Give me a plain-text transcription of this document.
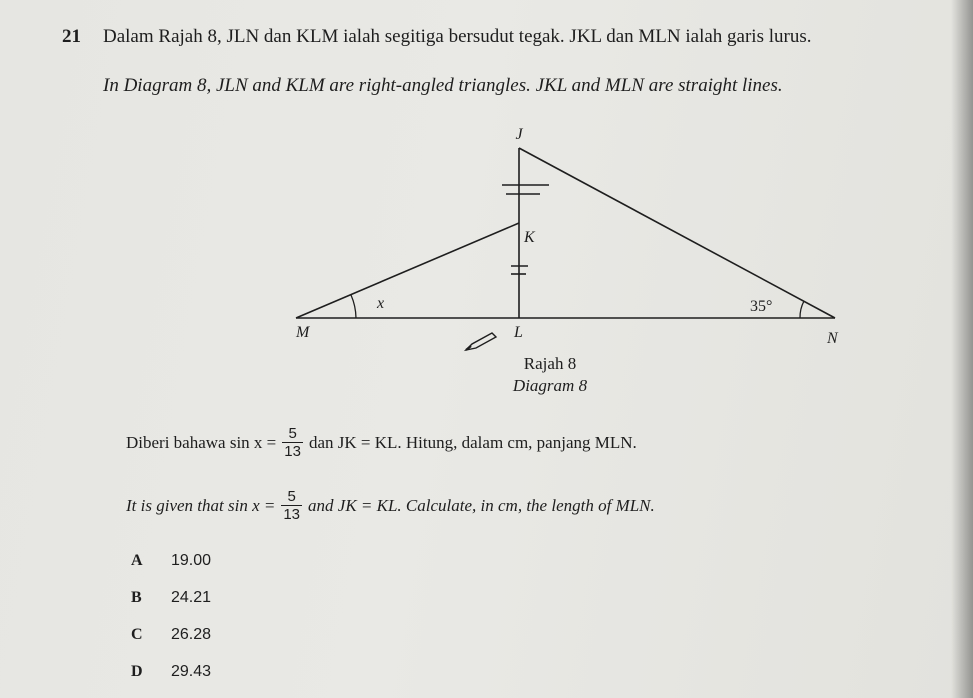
21 Dalam Rajah 8, JLN dan KLM ialah segitiga bersudut tegak. JKL dan MLN ialah garis lurus.
In Diagram 8, JLN and KLM are right-angled triangles. JKL and MLN are straight lines.
J
K
M	L	N
x	35°
Rajah 8
Diagram 8
Diberi bahawa $\sin x = \frac{5}{13}$ dan JK = KL. Hitung, dalam cm, panjang MLN.
It is given that $\sin x = \frac{5}{13}$ and JK = KL. Calculate, in cm, the length of MLN.
A	19.00
B	24.21
C	26.28
D	29.43
